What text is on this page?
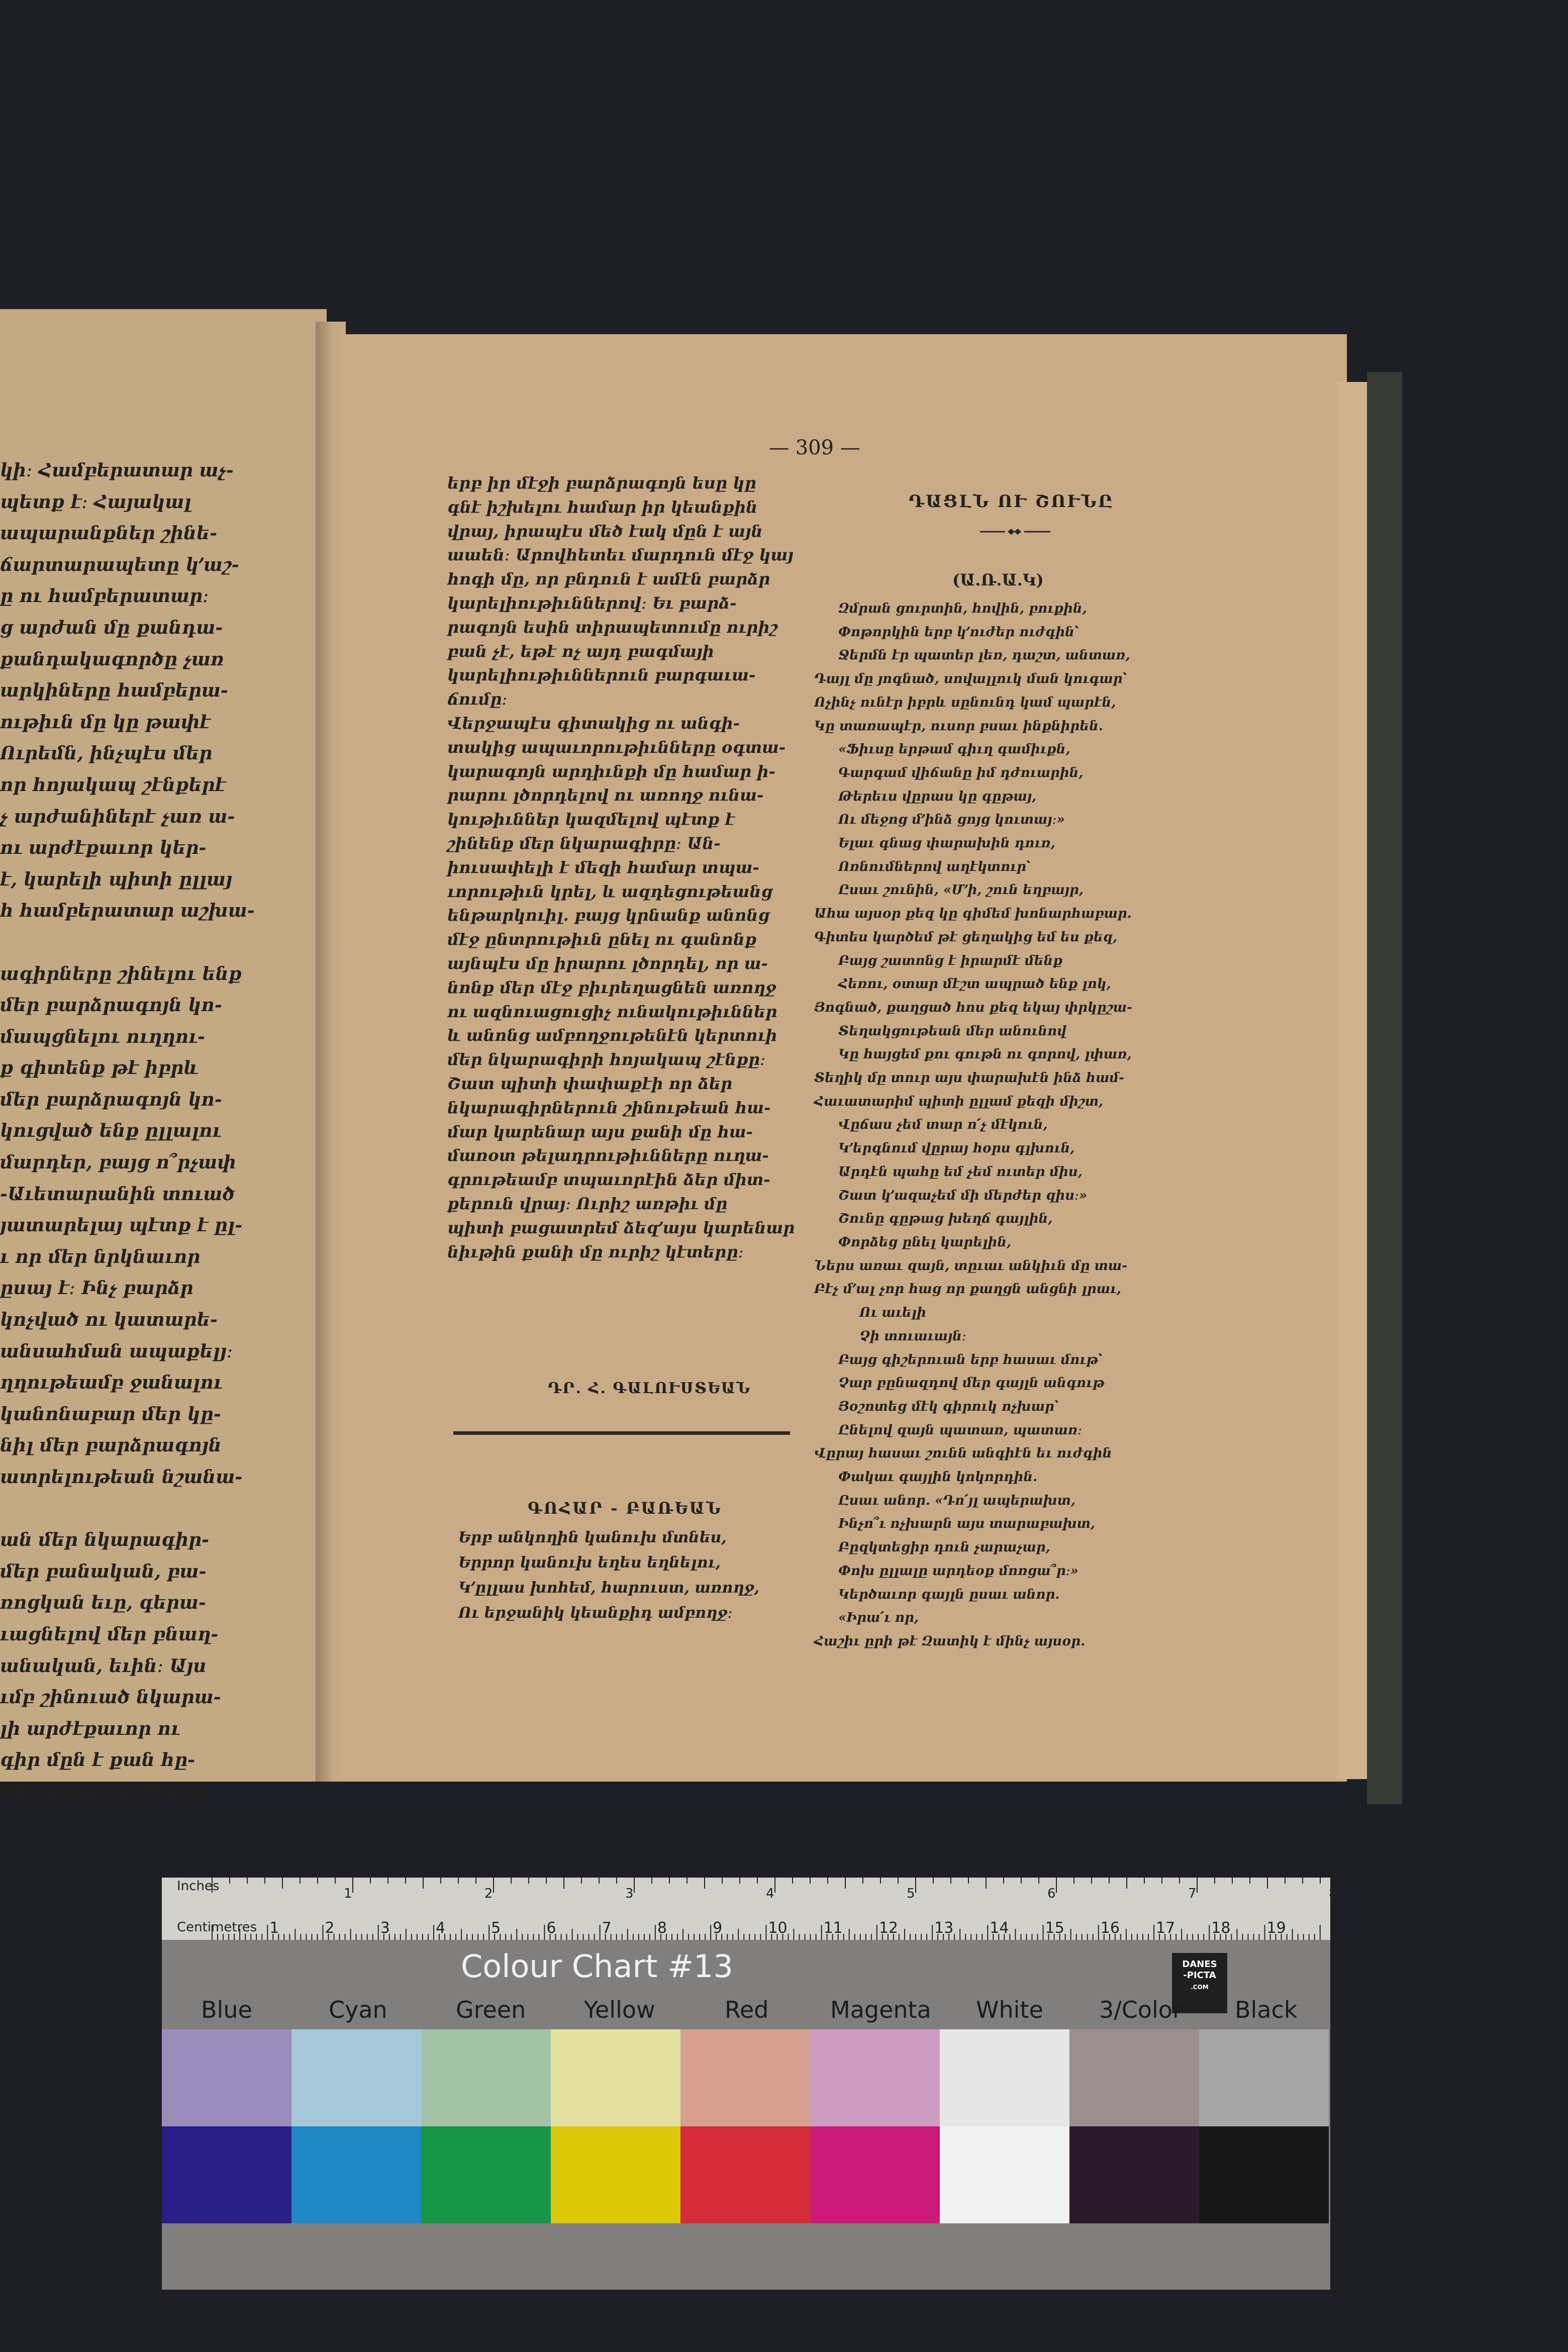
կի։ Համբերատար աչ-

պետք է։ Հայակալ

ապարանքներ շինե-

ճարտարապետը կ՚աշ-

ը ու համբերատար։

ց արժան մը քանդա-

քանդակագործը չառ

արկիները համբերա-

ութիւն մը կը թափէ

Ուրեմն, ինչպէս մեր

որ հոյակապ շէնքերէ

չ արժանիներէ չառ ա-

ու արժէքաւոր կեր-

է, կարելի պիտի ըլլայ

հ համբերատար աշխա-

ագիրները շինելու ենք

մեր բարձրագոյն կո-

մապցնելու ուղղու-

ք գիտենք թէ իբրև

մեր բարձրագոյն կո-

կուցված ենք ըլլալու

մարդեր, բայց ո՞րչափ

-Աւետարանին տուած

յատարելայ պէտք է ըլ-

ւ որ մեր նրկնաւոր

ըսայ է։ Ինչ բարձր

կոչված ու կատարե-

անսահման ապաքելյ։

ղղութեամբ ջանալու

կանոնաբար մեր կը-

նիլ մեր բարձրագոյն

ատրելութեան նշանա-

ան մեր նկարագիր-

մեր բանական, բա-

ռոցկան եւը, գերա-

ւացնելով մեր բնաղ-

անական, եւին։ Այս

ւմբ շինուած նկարա-

լի արժէքաւոր ու

գիր մըն է քան հը-

նկարագիրը։ Մարդ

— 309 —

երբ իր մէջի բարձրագոյն եսը կը

գնէ իշխելու համար իր կեանքին

վրայ, իրապէս մեծ էակ մըն է այն

աաեն։ Արովհետեւ մարդուն մէջ կայ

հոգի մը, որ բնդուն է ամէն բարձր

կարելիութիւններով։ Եւ բարձ-

րագոյն եսին տիրապետումը ուրիշ

բան չէ, եթէ ոչ այդ բագմայի

կարելիութիւններուն բարգաւա-

ճումը։

Վերջապէս գիտակից ու անգի-

տակից ապաւորութիւնները օգտա-

կարագոյն արդիւնքի մը համար ի-

րարու լծորդելով ու առողջ ունա-

կութիւններ կազմելով պէտք է

շինենք մեր նկարագիրը։ Ան-

իուսափելի է մեզի համար տպա-

ւորութիւն կրել, և ազդեցութեանց

ենթարկուիլ. բայց կրնանք անոնց

մէջ ընտրութիւն ընել ու գանոնք

այնպէս մը իրարու լծորդել, որ ա-

նոնք մեր մէջ բիւրեղացնեն առողջ

ու ազնուացուցիչ ունակութիւններ

և անոնց ամբողջութենէն կերտուի

մեր նկարագիրի հոյակապ շէնքը։

Շատ պիտի փափաքէի որ ձեր

նկարագիրներուն շինութեան հա-

մար կարենար այս քանի մը հա-

մառօտ թելադրութիւնները ուղա-

գրութեամբ տպաւորէին ձեր միտ-

քերուն վրայ։ Ուրիշ առթիւ մը

պիտի բացատրեմ ձեզ՚այս կարենար

նիւթին քանի մը ուրիշ կէտերը։

ԴՐ. Հ. ԳԱԼՈՒՍՏԵԱՆ
ԳՈՀԱՐ - ԲԱՌԵԱՆ

Երբ անկողին կանուխ մտնես,

Երրոր կանուխ եղես եղնելու,

Կ՚ըլլաս խոհեմ, հարուստ, առողջ,

Ու երջանիկ կեանքիդ ամբողջ։

ԴԱՑԼՆ ՈՒ ՇՈՒՆԸ
(Ա.Ռ.Ա.Կ)

Զմրան ցուրտին, հովին, բուքին,

Փոթորկին երբ կ՚ուժեր ուժգին՝

Ջերմն էր պատեր լեռ, դաշտ, անտառ,

Դայլ մը յոգնած, սովալլուկ ման կուգար՝

Ոչինչ ունէր իբրև սընունդ կամ պարէն,

Կը տառապէր, ուսոր բսաւ ինքնիրեն.

«Ֆիւսը երթամ գիւղ գամիւքն,

Գարգամ վիճանը իմ դժուարին,

Թերեւս վըրաս կը գըթայ,

Ու մեջոց մ՚ինձ ցոյց կուտայ։»

Ելաւ գնաց փարախին դուռ,

Ոռնումներով աղէկտուր՝

Ըսաւ շունին, «Մ՚ի, շուն եղբայր,

Ահա այսօր քեզ կը գիմեմ խոնարհաբար.

Գիտես կարծեմ թէ ցեղակից եմ ես քեզ,

Բայց շատոնց է իրարմէ մենք

Հեռու, օտար մէշտ ապրած ենք լոկ,

Յոգնած, քաղցած հոս քեզ եկայ փրկըշա-

Տեղակցութեան մեր անունով

Կը հայցեմ քու գութն ու գորով, լփառ,

Տեղիկ մը տուր այս փարախէն ինձ համ-

Հաւատարիմ պիտի ըլլամ քեզի միշտ,

Վըճաս չեմ տար ո՛չ մէկուն,

Կ՚երգնում վըրայ հօրս գլխուն,

Արդէն պահը եմ չեմ ուտեր միս,

Շատ կ՚ազաչեմ մի մերժեր զիս։»

Շունը գըթաց խեղճ գայլին,

Փորձեց ընել կարելին,

Ներս առաւ զայն, տըւաւ անկիւն մը տա-

Բէչ մ՚ալ չոր հաց որ քաղցն անցնի լրաւ,

Ու աւելի

Չի տուաւայն։

Բայց գիշերուան երբ հասաւ մութ՝

Չար բընազդով մեր գայլն անգութ

Յօշոտեց մէկ գիրուկ ոչխար՝

Ընելով զայն պատառ, պատառ։

Վըրայ հասաւ շունն անգիէն եւ ուժգին

Փակաւ գայլին կոկորդին.

Ըսաւ անոր. «Դո՛յլ ապերախտ,

Ինչո՞ւ ոչխարն այս տարաբախտ,

Բըզկտեցիր դուն չարաչար,

Փոխ ըլլալը արդեօք մոռցա՞ր։»

Կերծաւոր գայլն ըսաւ անոր.

«Իրա՛ւ որ,

Հաշիւ ըրի թէ Զատիկ է մինչ այսօր.

Inches
Centimetres
1	2	3	4	5	6	7	8
1	2	3	4	5	6	7	8	9	10 11 12 13 14 15 16 17 18 19
Colour Chart #13	DANES
-PICTA
.COM
Blue	Cyan	Green	Yellow	Red	Magenta White 3/Color Black
